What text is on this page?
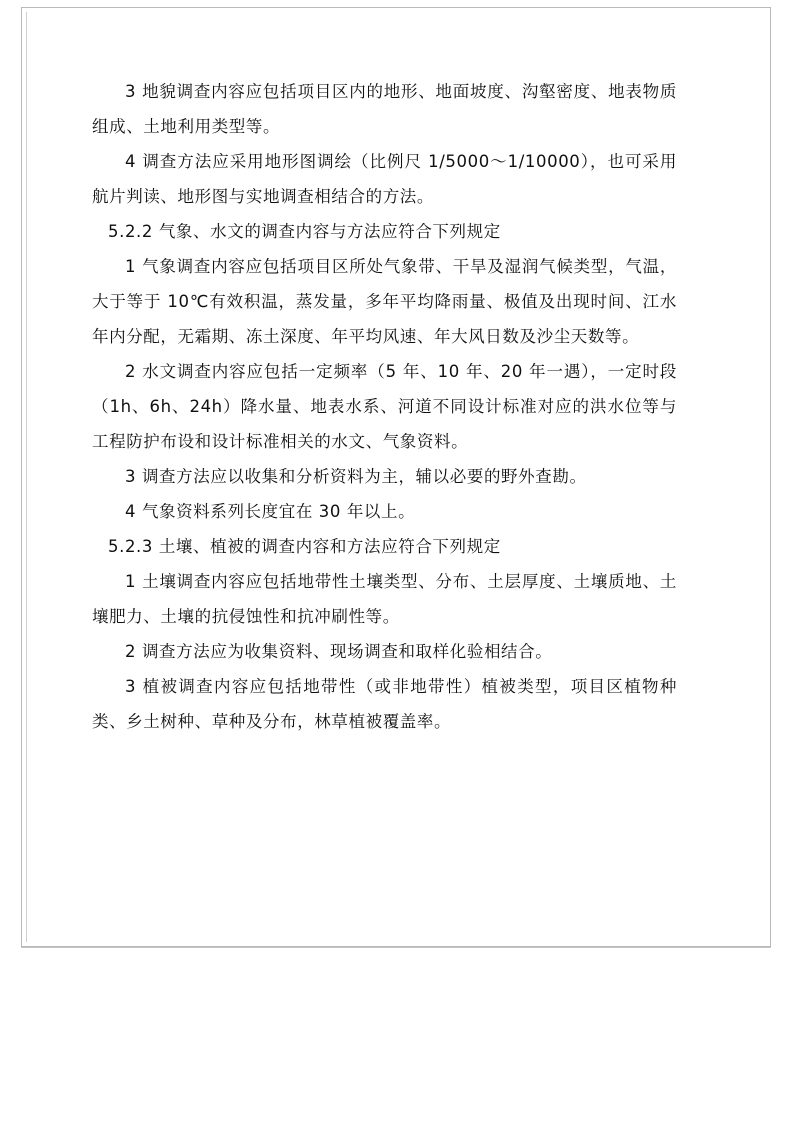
3 地貌调查内容应包括项目区内的地形、地面坡度、沟壑密度、地表物质组成、土地利用类型等。

4 调查方法应采用地形图调绘（比例尺 1/5000～1/10000），也可采用航片判读、地形图与实地调查相结合的方法。

5.2.2 气象、水文的调查内容与方法应符合下列规定

1 气象调查内容应包括项目区所处气象带、干旱及湿润气候类型，气温，大于等于 10℃有效积温，蒸发量，多年平均降雨量、极值及出现时间、江水年内分配，无霜期、冻土深度、年平均风速、年大风日数及沙尘天数等。

2 水文调查内容应包括一定频率（5 年、10 年、20 年一遇），一定时段（1h、6h、24h）降水量、地表水系、河道不同设计标准对应的洪水位等与工程防护布设和设计标准相关的水文、气象资料。

3 调查方法应以收集和分析资料为主，辅以必要的野外查勘。

4 气象资料系列长度宜在 30 年以上。

5.2.3 土壤、植被的调查内容和方法应符合下列规定

1 土壤调查内容应包括地带性土壤类型、分布、土层厚度、土壤质地、土壤肥力、土壤的抗侵蚀性和抗冲刷性等。

2 调查方法应为收集资料、现场调查和取样化验相结合。

3 植被调查内容应包括地带性（或非地带性）植被类型，项目区植物种类、乡土树种、草种及分布，林草植被覆盖率。
